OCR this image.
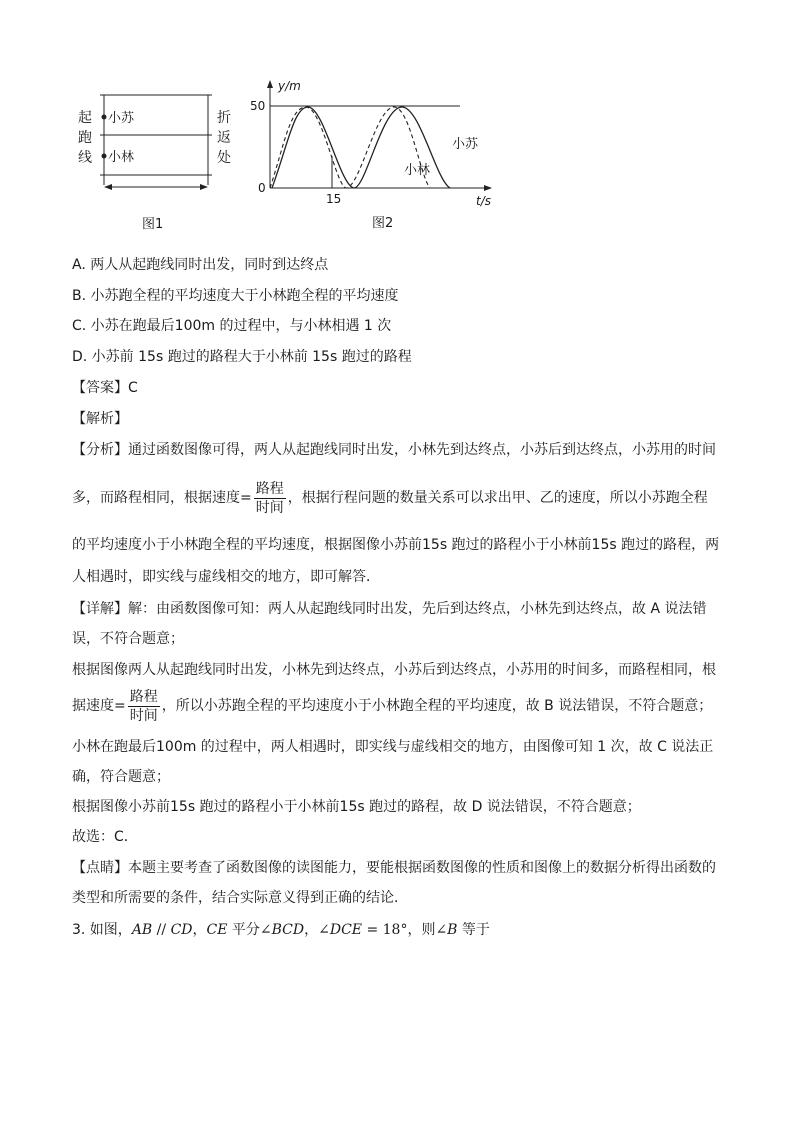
起
跑
线
小苏
小林
折
返
处
图1
y/m
50
0
15	t/s
小苏
小林
图2
A. 两人从起跑线同时出发，同时到达终点
B. 小苏跑全程的平均速度大于小林跑全程的平均速度
C. 小苏在跑最后100m 的过程中，与小林相遇 1 次
D. 小苏前 15s 跑过的路程大于小林前 15s 跑过的路程
【答案】C
【解析】
【分析】通过函数图像可得，两人从起跑线同时出发，小林先到达终点，小苏后到达终点，小苏用的时间
多，而路程相同，根据速度= $\frac{\text{路程}}{\text{时间}}$ ，根据行程问题的数量关系可以求出甲、乙的速度，所以小苏跑全程
的平均速度小于小林跑全程的平均速度，根据图像小苏前15s 跑过的路程小于小林前15s 跑过的路程，两
人相遇时，即实线与虚线相交的地方，即可解答．
【详解】解：由函数图像可知：两人从起跑线同时出发，先后到达终点，小林先到达终点，故 A 说法错
误，不符合题意；
根据图像两人从起跑线同时出发，小林先到达终点，小苏后到达终点，小苏用的时间多，而路程相同，根
据速度= $\frac{\text{路程}}{\text{时间}}$ ，所以小苏跑全程的平均速度小于小林跑全程的平均速度，故 B 说法错误，不符合题意；
小林在跑最后100m 的过程中，两人相遇时，即实线与虚线相交的地方，由图像可知 1 次，故 C 说法正
确，符合题意；
根据图像小苏前15s 跑过的路程小于小林前15s 跑过的路程，故 D 说法错误，不符合题意；
故选：C．
【点睛】本题主要考查了函数图像的读图能力，要能根据函数图像的性质和图像上的数据分析得出函数的
类型和所需要的条件，结合实际意义得到正确的结论．
3. 如图，AB // CD，CE 平分∠BCD，∠DCE = 18°，则∠B 等于
